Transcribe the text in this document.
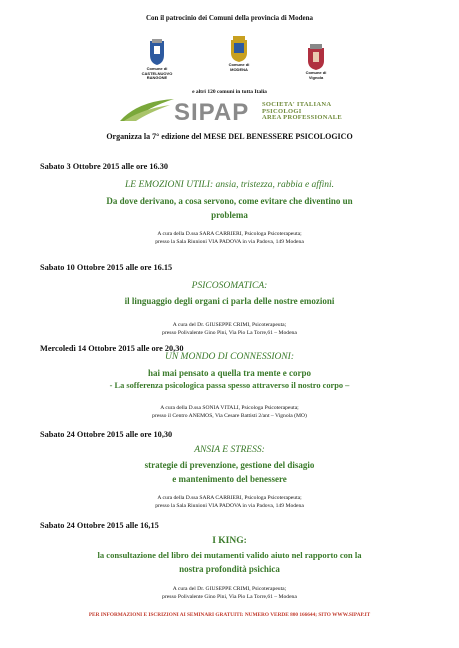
Con il patrocinio dei Comuni della provincia di Modena
Comune di
CASTELNUOVO
RANGONE
Comune di
MODENA
Comune di Vignola
e altri 120 comuni in tutta Italia
SIPAP SOCIETA' ITALIANA
PSICOLOGI
AREA PROFESSIONALE
Organizza la 7° edizione del MESE DEL BENESSERE PSICOLOGICO
Sabato 3 Ottobre 2015 alle ore 16.30
LE EMOZIONI UTILI: ansia, tristezza, rabbia e affini.
Da dove derivano, a cosa servono, come evitare che diventino un
problema
A cura della D.ssa SARA CARRIERI, Psicologa Psicoterapeuta;
presso la Sala Riunioni VIA PADOVA in via Padova, 149 Modena
Sabato 10 Ottobre 2015 alle ore 16.15
PSICOSOMATICA:
il linguaggio degli organi ci parla delle nostre emozioni
A cura del Dr. GIUSEPPE CRIMI, Psicoterapeuta;
presso Polivalente Gino Pini, Via Pio La Torre,61 – Modena
Mercoledì 14 Ottobre 2015 alle ore 20,30
UN MONDO DI CONNESSIONI:
hai mai pensato a quella tra mente e corpo
- La sofferenza psicologica passa spesso attraverso il nostro corpo –
A cura della D.ssa SONIA VITALI, Psicologa Psicoterapeuta;
presso il Centro ANEMOS, Via Cesare Battisti 2/ant – Vignola (MO)
Sabato 24 Ottobre 2015 alle ore 10,30
ANSIA E STRESS:
strategie di prevenzione, gestione del disagio
e mantenimento del benessere
A cura della D.ssa SARA CARRIERI, Psicologa Psicoterapeuta;
presso la Sala Riunioni VIA PADOVA in via Padova, 149 Modena
Sabato 24 Ottobre 2015 alle 16,15
I KING:
la consultazione del libro dei mutamenti valido aiuto nel rapporto con la
nostra profondità psichica
A cura del Dr. GIUSEPPE CRIMI, Psicoterapeuta;
presso Polivalente Gino Pini, Via Pio La Torre,61 – Modena
PER INFORMAZIONI E ISCRIZIONI AI SEMINARI GRATUITI: NUMERO VERDE 800 166644; SITO WWW.SIPAP.IT
